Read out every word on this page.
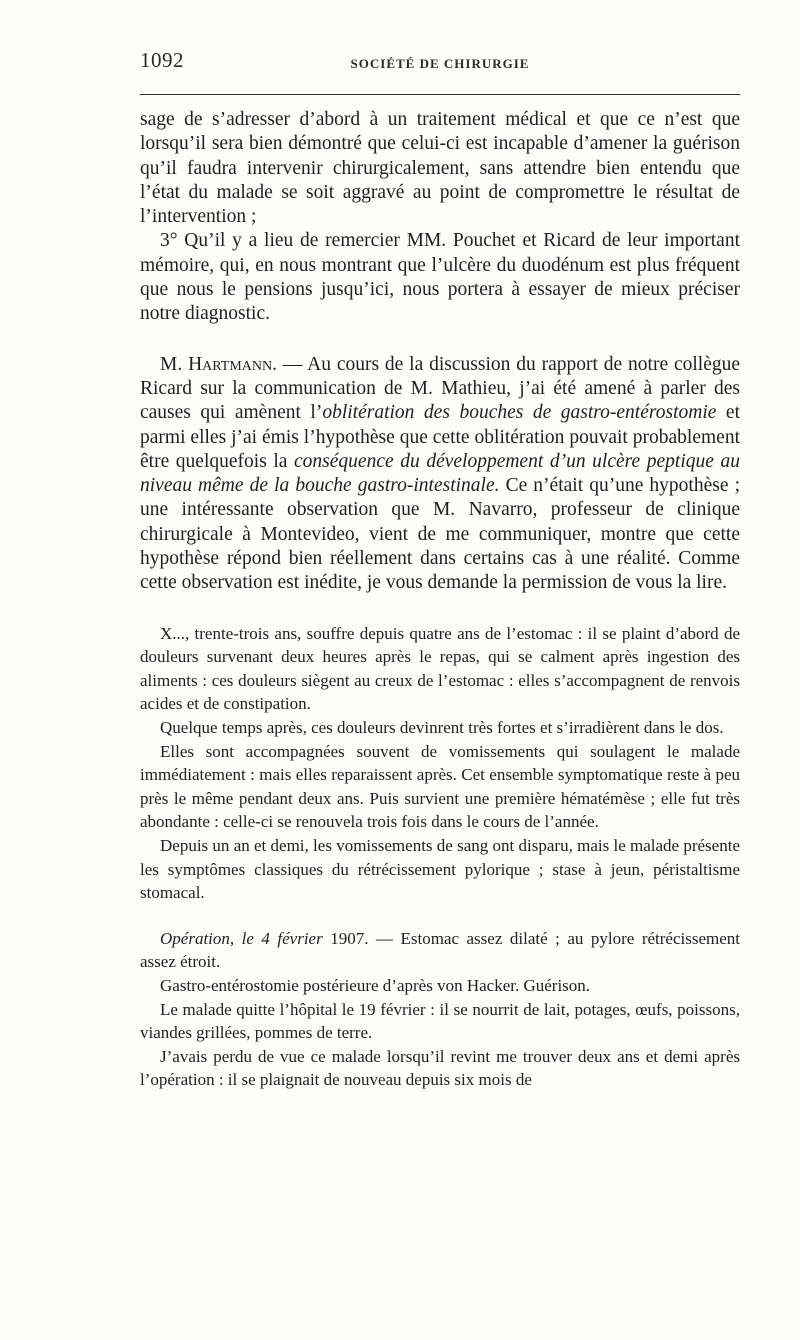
1092	SOCIÉTÉ DE CHIRURGIE

sage de s’adresser d’abord à un traitement médical et que ce n’est que lorsqu’il sera bien démontré que celui-ci est incapable d’amener la guérison qu’il faudra intervenir chirurgicalement, sans attendre bien entendu que l’état du malade se soit aggravé au point de compromettre le résultat de l’intervention ;

3° Qu’il y a lieu de remercier MM. Pouchet et Ricard de leur important mémoire, qui, en nous montrant que l’ulcère du duodénum est plus fréquent que nous le pensions jusqu’ici, nous portera à essayer de mieux préciser notre diagnostic.

M. Hartmann. — Au cours de la discussion du rapport de notre collègue Ricard sur la communication de M. Mathieu, j’ai été amené à parler des causes qui amènent l’oblitération des bouches de gastro-entérostomie et parmi elles j’ai émis l’hypothèse que cette oblitération pouvait probablement être quelquefois la conséquence du développement d’un ulcère peptique au niveau même de la bouche gastro-intestinale. Ce n’était qu’une hypothèse ; une intéressante observation que M. Navarro, professeur de clinique chirurgicale à Montevideo, vient de me communiquer, montre que cette hypothèse répond bien réellement dans certains cas à une réalité. Comme cette observation est inédite, je vous demande la permission de vous la lire.

X..., trente-trois ans, souffre depuis quatre ans de l’estomac : il se plaint d’abord de douleurs survenant deux heures après le repas, qui se calment après ingestion des aliments : ces douleurs siègent au creux de l’estomac : elles s’accompagnent de renvois acides et de constipation.

Quelque temps après, ces douleurs devinrent très fortes et s’irradièrent dans le dos.

Elles sont accompagnées souvent de vomissements qui soulagent le malade immédiatement : mais elles reparaissent après. Cet ensemble symptomatique reste à peu près le même pendant deux ans. Puis survient une première hématémèse ; elle fut très abondante : celle-ci se renouvela trois fois dans le cours de l’année.

Depuis un an et demi, les vomissements de sang ont disparu, mais le malade présente les symptômes classiques du rétrécissement pylorique ; stase à jeun, péristaltisme stomacal.

Opération, le 4 février 1907. — Estomac assez dilaté ; au pylore rétrécissement assez étroit.

Gastro-entérostomie postérieure d’après von Hacker. Guérison.

Le malade quitte l’hôpital le 19 février : il se nourrit de lait, potages, œufs, poissons, viandes grillées, pommes de terre.

J’avais perdu de vue ce malade lorsqu’il revint me trouver deux ans et demi après l’opération : il se plaignait de nouveau depuis six mois de
